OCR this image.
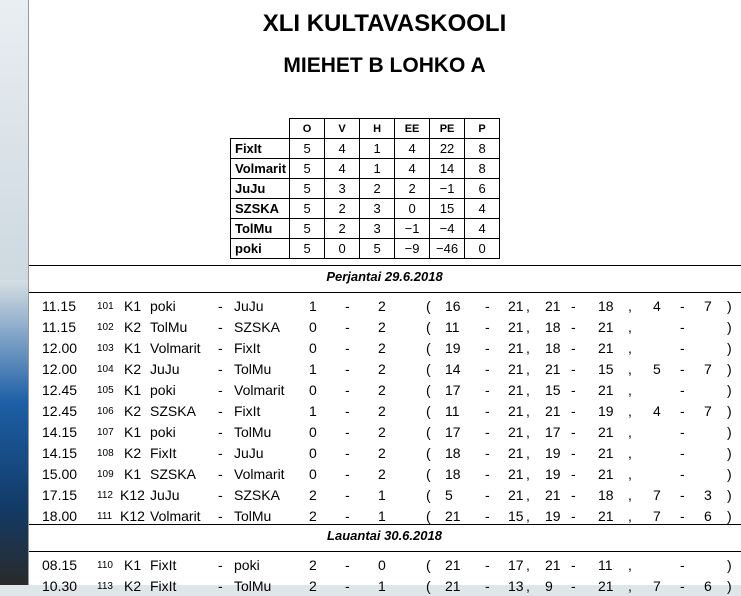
XLI KULTAVASKOOLI
MIEHET B LOHKO A
	O	V	H	EE	PE	P
FixIt	5	4	1	4	22	8
Volmarit	5	4	1	4	14	8
JuJu	5	3	2	2	−1	6
SZSKA	5	2	3	0	15	4
TolMu	5	2	3	−1	−4	4
poki	5	0	5	−9	−46	0
Perjantai 29.6.2018
11.15 101 K1 poki	- JuJu	1 - 2	( 16 - 21 , 21 - 18 , 4 - 7 )
11.15 102 K2 TolMu - SZSKA 0 - 2	( 11 - 21 , 18 - 21 ,	-	)
12.00 103 K1 Volmarit - FixIt	0 - 2	( 19 - 21 , 18 - 21 ,	-	)
12.00 104 K2 JuJu	- TolMu	1 - 2	( 14 - 21 , 21 - 15 , 5 - 7 )
12.45 105 K1 poki	- Volmarit 0 - 2	( 17 - 21 , 15 - 21 ,	-	)
12.45 106 K2 SZSKA - FixIt	1 - 2	( 11 - 21 , 21 - 19 , 4 - 7 )
14.15 107 K1 poki	- TolMu	0 - 2	( 17 - 21 , 17 - 21 ,	-	)
14.15 108 K2 FixIt	- JuJu	0 - 2	( 18 - 21 , 19 - 21 ,	-	)
15.00 109 K1 SZSKA - Volmarit 0 - 2	( 18 - 21 , 19 - 21 ,	-	)
17.15 112 K12 JuJu	- SZSKA 2 - 1	( 5 - 21 , 21 - 18 , 7 - 3 )
18.00 111 K12 Volmarit - TolMu	2 - 1	( 21 - 15 , 19 - 21 , 7 - 6 )
Lauantai 30.6.2018
08.15 110 K1 FixIt	- poki	2 - 0	( 21 - 17 , 21 - 11 ,	-	)
10.30 113 K2 FixIt	- TolMu	2 - 1	( 21 - 13 , 9 - 21 , 7 - 6 )
